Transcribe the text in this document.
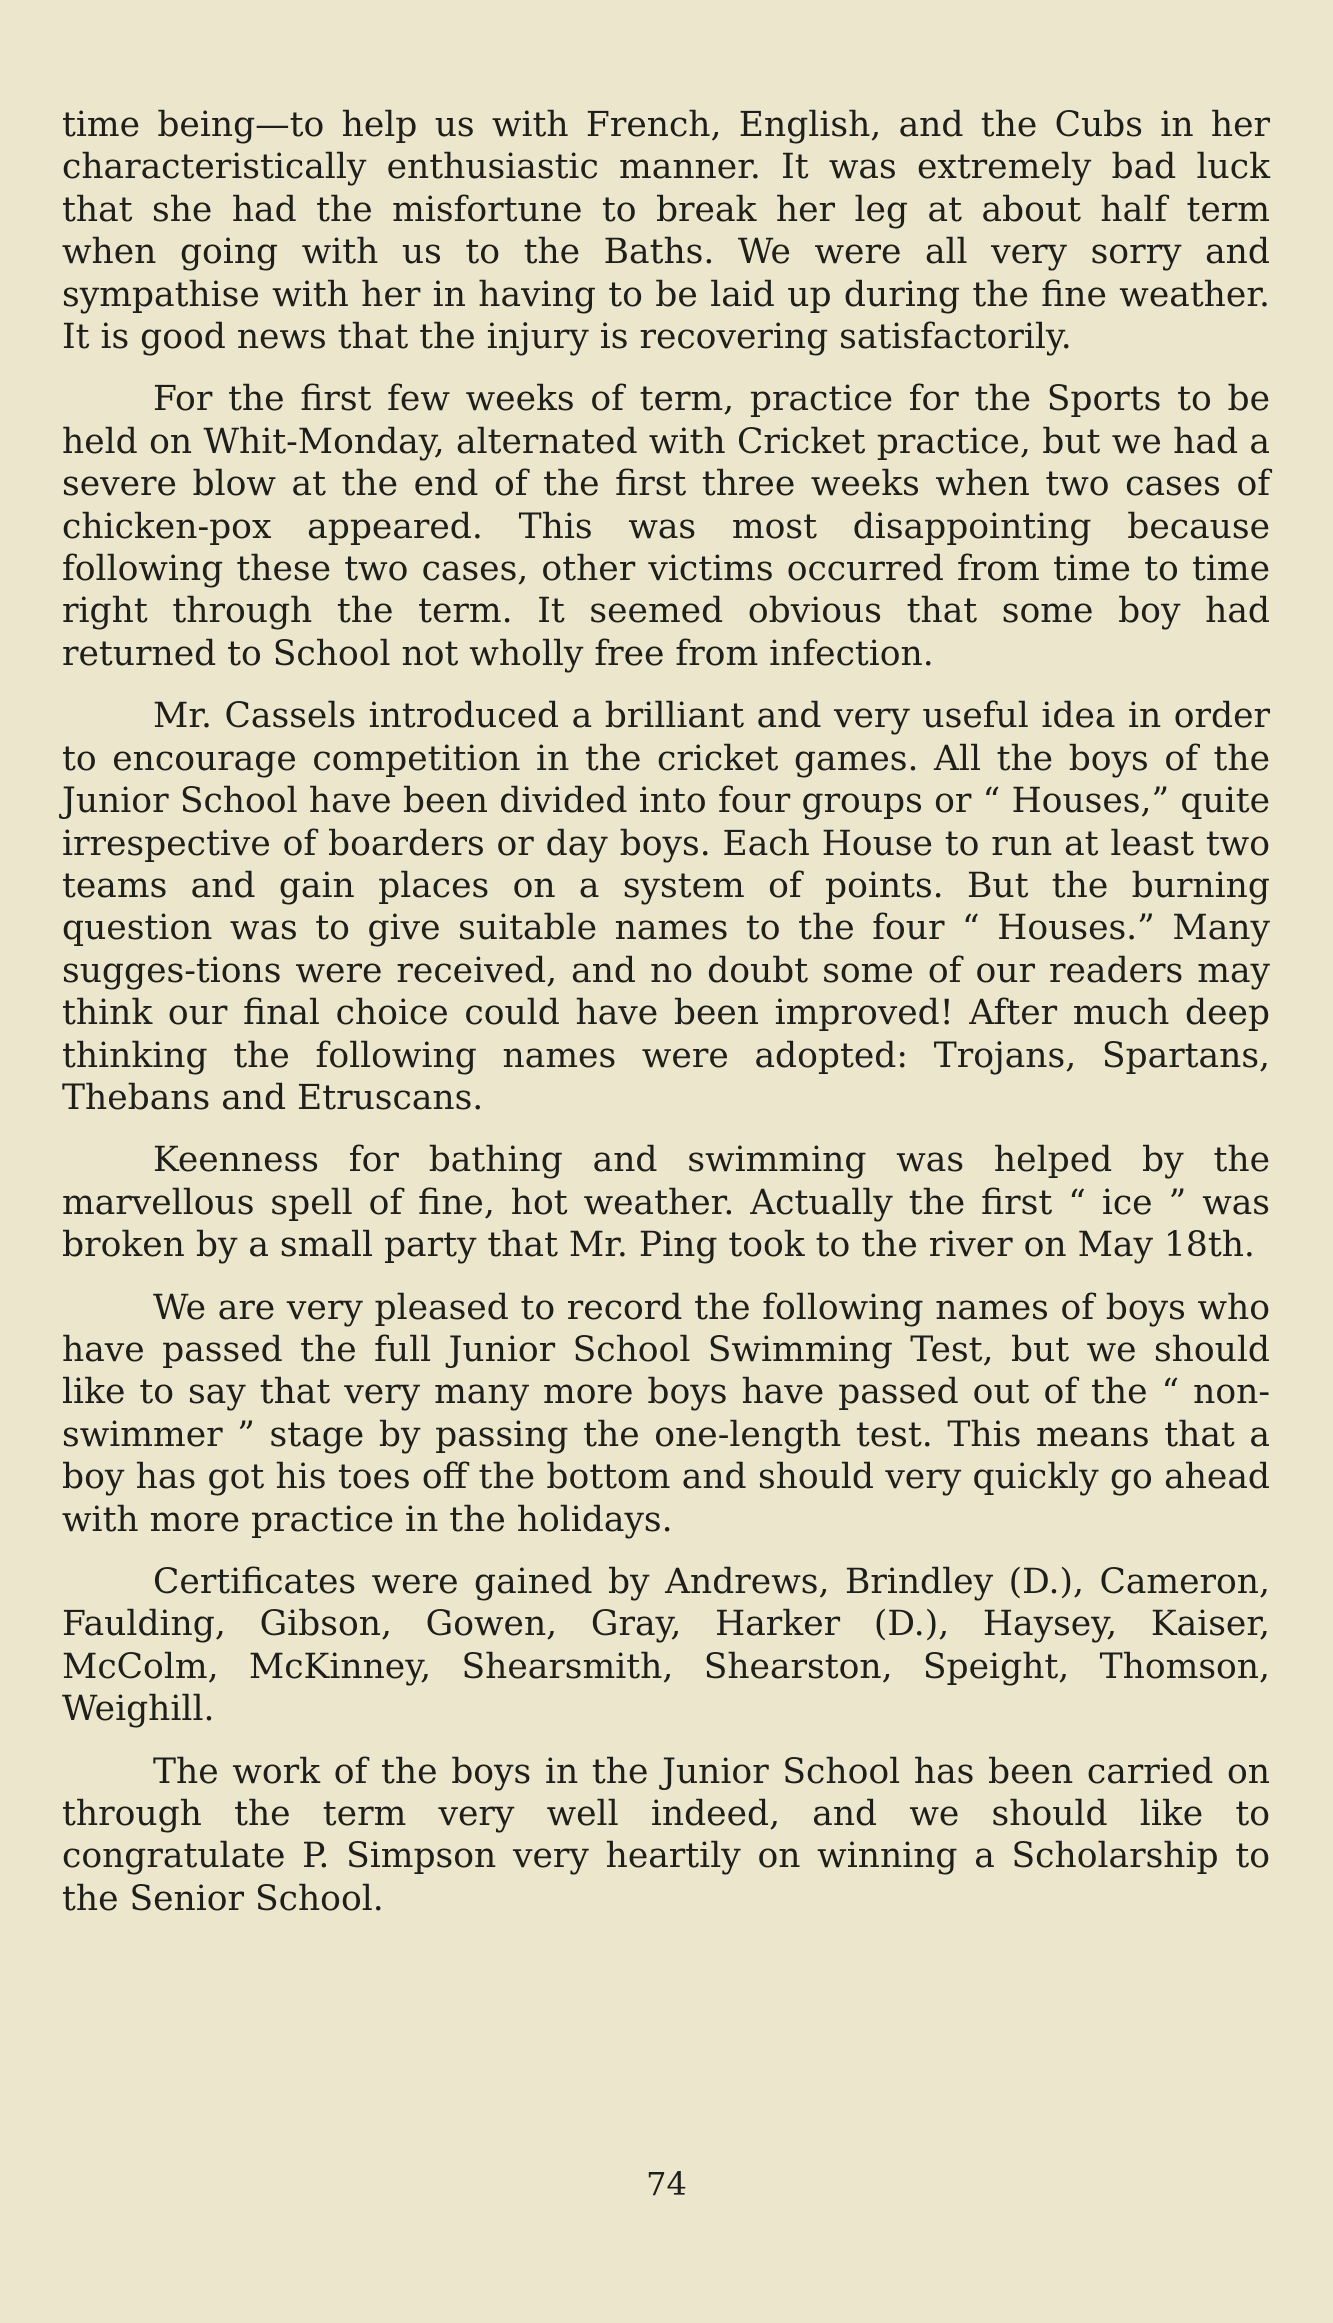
time being—to help us with French, English, and the Cubs in her characteristically enthusiastic manner. It was extremely bad luck that she had the misfortune to break her leg at about half term when going with us to the Baths. We were all very sorry and sympathise with her in having to be laid up during the fine weather. It is good news that the injury is recovering satisfactorily.

For the first few weeks of term, practice for the Sports to be held on Whit-Monday, alternated with Cricket practice, but we had a severe blow at the end of the first three weeks when two cases of chicken-pox appeared. This was most disappointing because following these two cases, other victims occurred from time to time right through the term. It seemed obvious that some boy had returned to School not wholly free from infection.

Mr. Cassels introduced a brilliant and very useful idea in order to encourage competition in the cricket games. All the boys of the Junior School have been divided into four groups or “ Houses,” quite irrespective of boarders or day boys. Each House to run at least two teams and gain places on a system of points. But the burning question was to give suitable names to the four “ Houses.” Many sugges-tions were received, and no doubt some of our readers may think our final choice could have been improved! After much deep thinking the following names were adopted: Trojans, Spartans, Thebans and Etruscans.

Keenness for bathing and swimming was helped by the marvellous spell of fine, hot weather. Actually the first “ ice ” was broken by a small party that Mr. Ping took to the river on May 18th.

We are very pleased to record the following names of boys who have passed the full Junior School Swimming Test, but we should like to say that very many more boys have passed out of the “ non-swimmer ” stage by passing the one-length test. This means that a boy has got his toes off the bottom and should very quickly go ahead with more practice in the holidays.

Certificates were gained by Andrews, Brindley (D.), Cameron, Faulding, Gibson, Gowen, Gray, Harker (D.), Haysey, Kaiser, McColm, McKinney, Shearsmith, Shearston, Speight, Thomson, Weighill.

The work of the boys in the Junior School has been carried on through the term very well indeed, and we should like to congratulate P. Simpson very heartily on winning a Scholarship to the Senior School.

74
